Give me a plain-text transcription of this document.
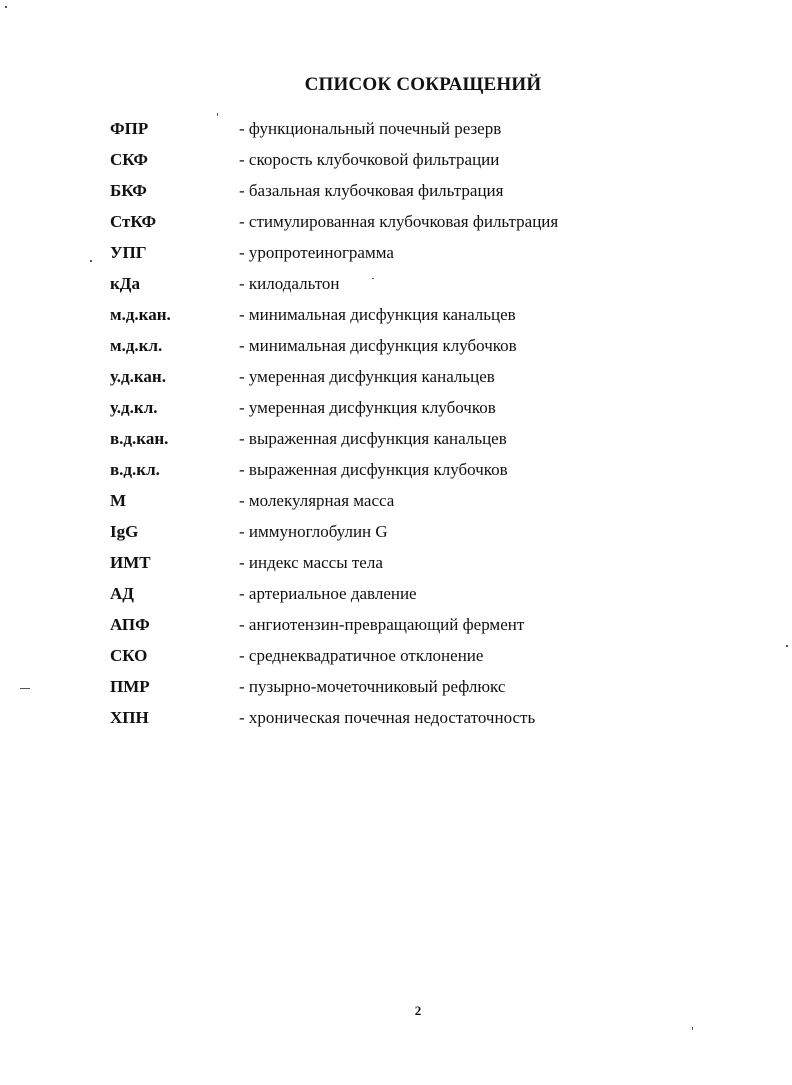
СПИСОК СОКРАЩЕНИЙ
ФПР	- функциональный почечный резерв
СКФ	- скорость клубочковой фильтрации
БКФ	- базальная клубочковая фильтрация
СтКФ	- стимулированная клубочковая фильтрация
УПГ	- уропротеинограмма
кДа	- килодальтон
м.д.кан.	- минимальная дисфункция канальцев
м.д.кл.	- минимальная дисфункция клубочков
у.д.кан.	- умеренная дисфункция канальцев
у.д.кл.	- умеренная дисфункция клубочков
в.д.кан.	- выраженная дисфункция канальцев
в.д.кл.	- выраженная дисфункция клубочков
М	- молекулярная масса
IgG	- иммуноглобулин G
ИМТ	- индекс массы тела
АД	- артериальное давление
АПФ	- ангиотензин-превращающий фермент
СКО	- среднеквадратичное отклонение
ПМР	- пузырно-мочеточниковый рефлюкс
ХПН	- хроническая почечная недостаточность
2
